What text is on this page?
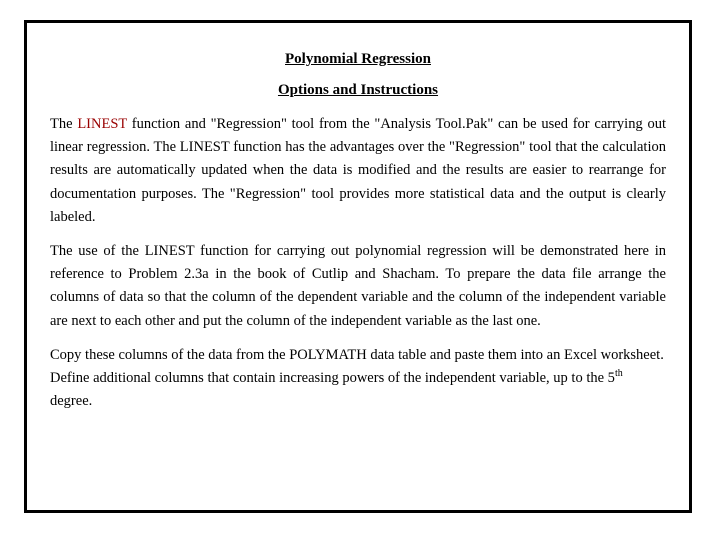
Polynomial Regression

Options and Instructions

The LINEST function and "Regression" tool from the "Analysis Tool.Pak" can be used for carrying out linear regression. The LINEST function has the advantages over the "Regression" tool that the calculation results are automatically updated when the data is modified and the results are easier to rearrange for documentation purposes. The "Regression" tool provides more statistical data and the output is clearly labeled.

The use of the LINEST function for carrying out polynomial regression will be demonstrated here in reference to Problem 2.3a in the book of Cutlip and Shacham. To prepare the data file arrange the columns of data so that the column of the dependent variable and the column of the independent variable are next to each other and put the column of the independent variable as the last one.

Copy these columns of the data from the POLYMATH data table and paste them into an Excel worksheet. Define additional columns that contain increasing powers of the independent variable, up to the 5th degree.
